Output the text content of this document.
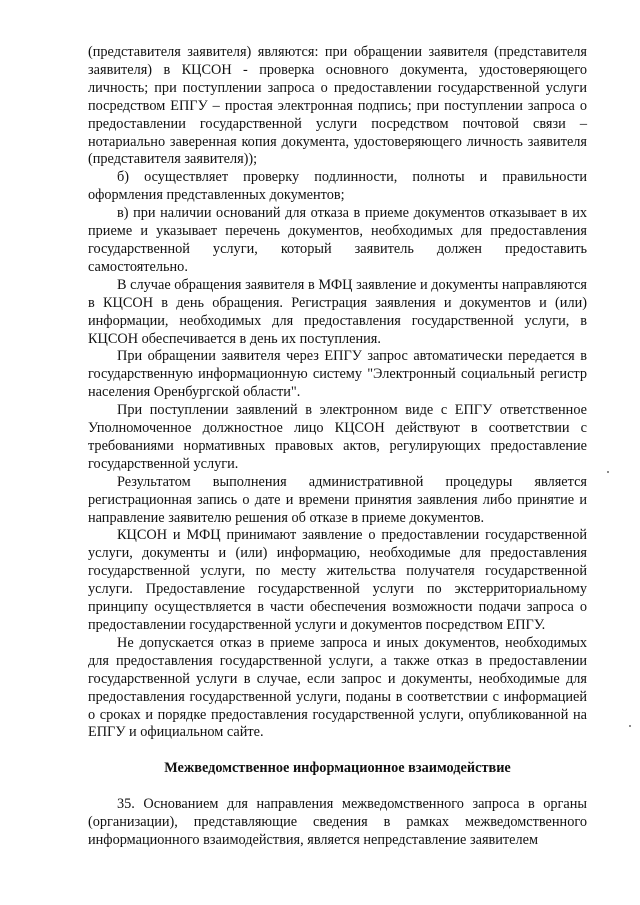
(представителя заявителя) являются: при обращении заявителя (представителя заявителя) в КЦСОН - проверка основного документа, удостоверяющего личность; при поступлении запроса о предоставлении государственной услуги посредством ЕПГУ – простая электронная подпись; при поступлении запроса о предоставлении государственной услуги посредством почтовой связи – нотариально заверенная копия документа, удостоверяющего личность заявителя (представителя заявителя));

б) осуществляет проверку подлинности, полноты и правильности оформления представленных документов;

в) при наличии оснований для отказа в приеме документов отказывает в их приеме и указывает перечень документов, необходимых для предоставления государственной услуги, который заявитель должен предоставить самостоятельно.

В случае обращения заявителя в МФЦ заявление и документы направляются в КЦСОН в день обращения. Регистрация заявления и документов и (или) информации, необходимых для предоставления государственной услуги, в КЦСОН обеспечивается в день их поступления.

При обращении заявителя через ЕПГУ запрос автоматически передается в государственную информационную систему "Электронный социальный регистр населения Оренбургской области".

При поступлении заявлений в электронном виде с ЕПГУ ответственное Уполномоченное должностное лицо КЦСОН действуют в соответствии с требованиями нормативных правовых актов, регулирующих предоставление государственной услуги.

Результатом выполнения административной процедуры является регистрационная запись о дате и времени принятия заявления либо принятие и направление заявителю решения об отказе в приеме документов.

КЦСОН и МФЦ принимают заявление о предоставлении государственной услуги, документы и (или) информацию, необходимые для предоставления государственной услуги, по месту жительства получателя государственной услуги. Предоставление государственной услуги по экстерриториальному принципу осуществляется в части обеспечения возможности подачи запроса о предоставлении государственной услуги и документов посредством ЕПГУ.

Не допускается отказ в приеме запроса и иных документов, необходимых для предоставления государственной услуги, а также отказ в предоставлении государственной услуги в случае, если запрос и документы, необходимые для предоставления государственной услуги, поданы в соответствии с информацией о сроках и порядке предоставления государственной услуги, опубликованной на ЕПГУ и официальном сайте.

Межведомственное информационное взаимодействие

35. Основанием для направления межведомственного запроса в органы (организации), представляющие сведения в рамках межведомственного информационного взаимодействия, является непредставление заявителем
